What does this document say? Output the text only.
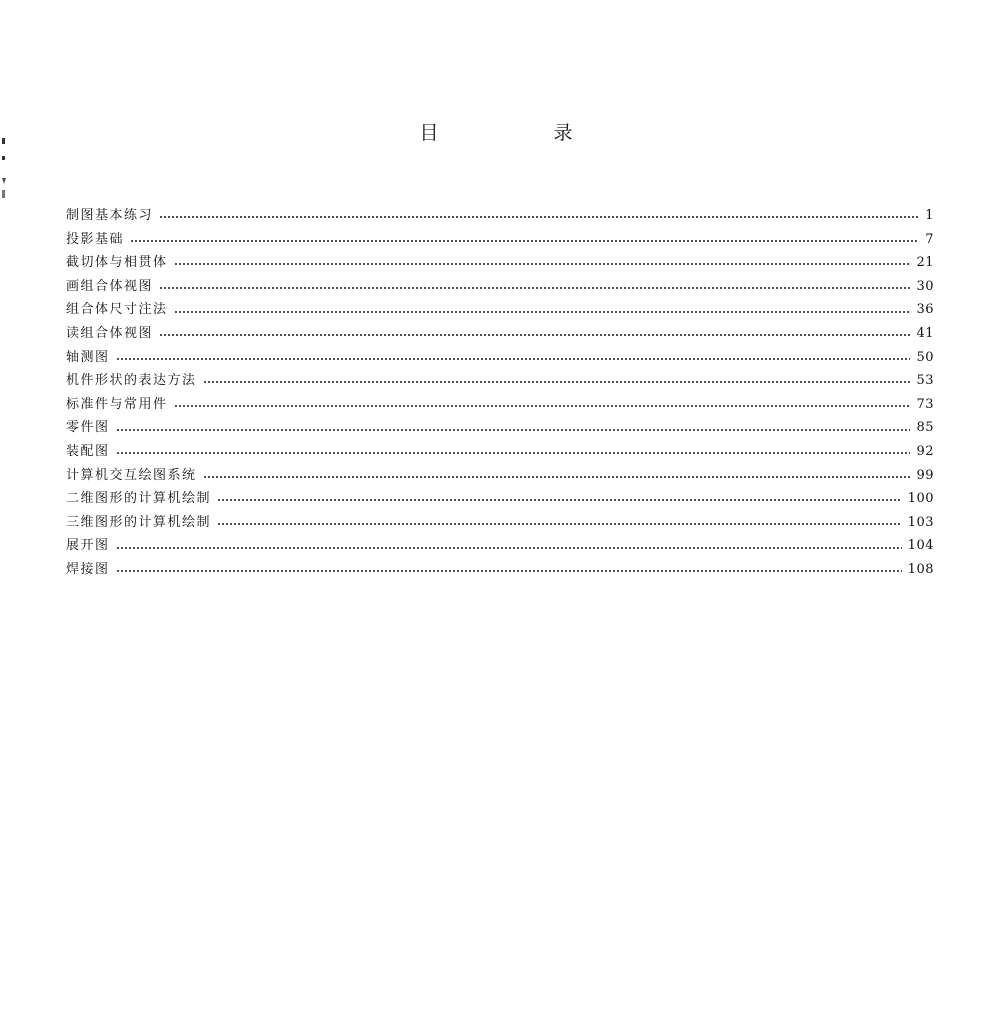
目　录
制图基本练习	1
投影基础	7
截切体与相贯体	21
画组合体视图	30
组合体尺寸注法	36
读组合体视图	41
轴测图	50
机件形状的表达方法	53
标准件与常用件	73
零件图	85
装配图	92
计算机交互绘图系统	99
二维图形的计算机绘制	100
三维图形的计算机绘制	103
展开图	104
焊接图	108
